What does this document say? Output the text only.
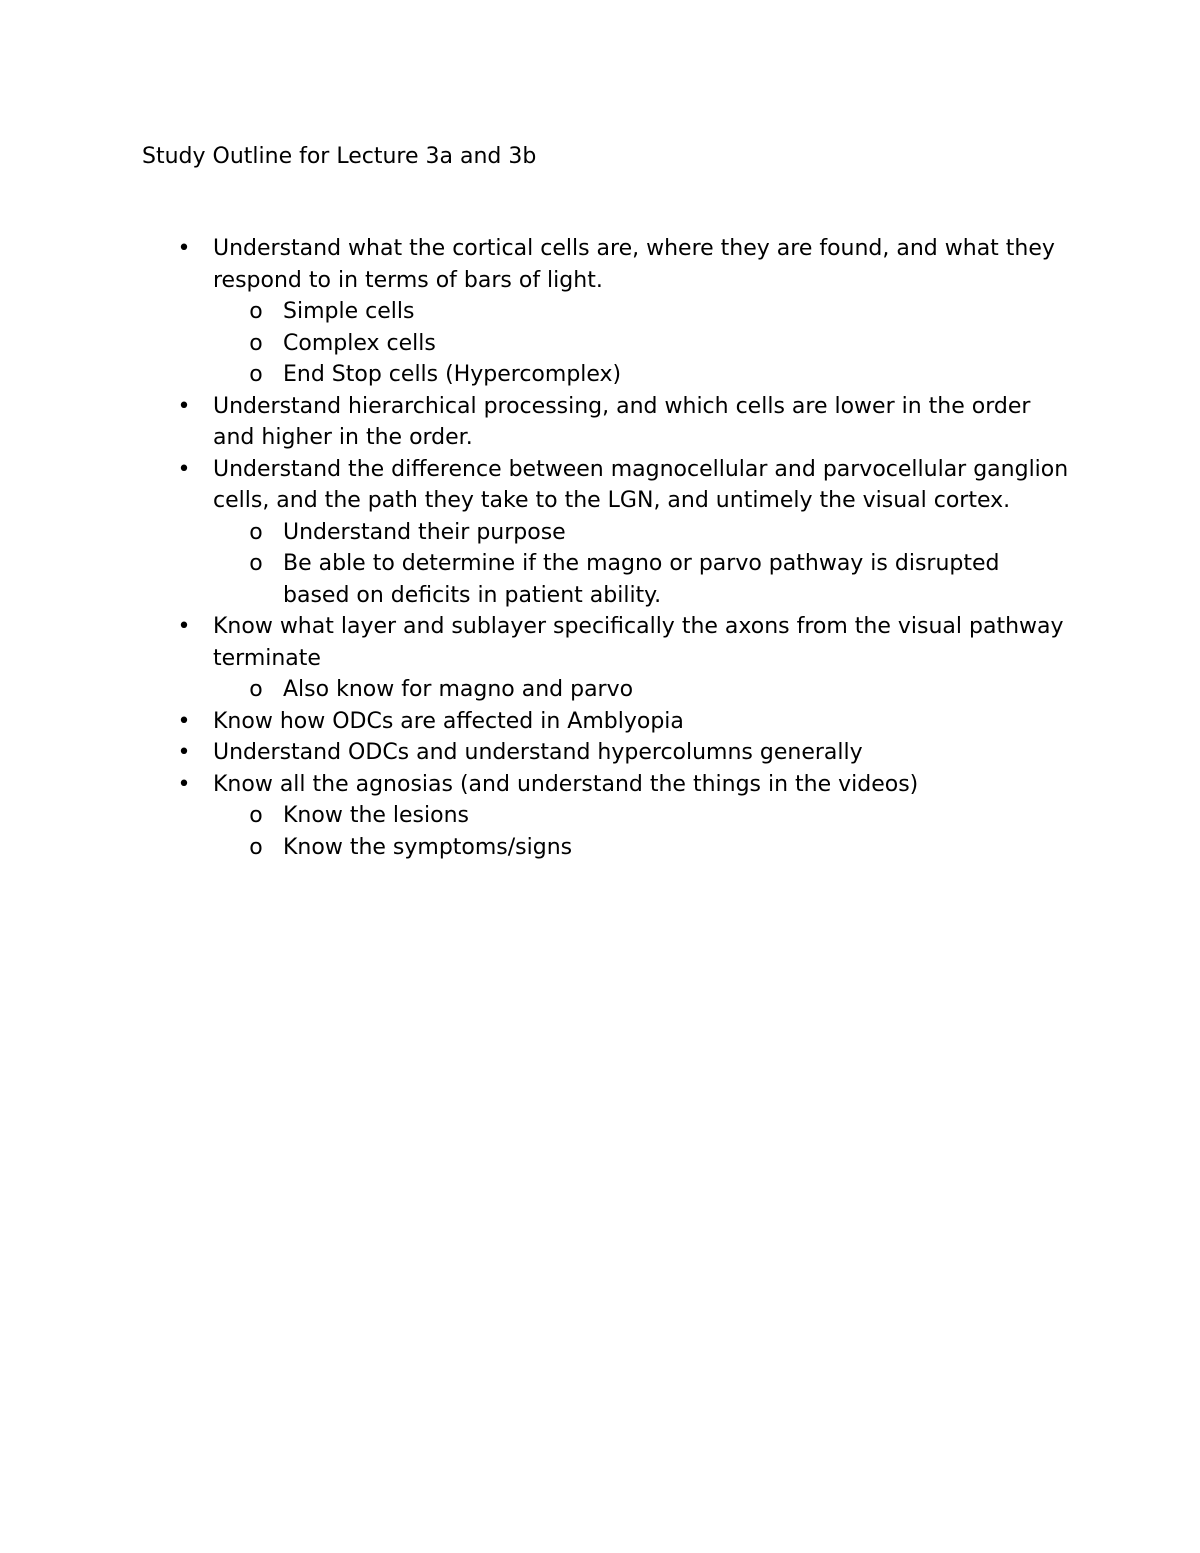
Study Outline for Lecture 3a and 3b
• Understand what the cortical cells are, where they are found, and what they respond to in terms of bars of light.
o Simple cells
o Complex cells
o End Stop cells (Hypercomplex)
• Understand hierarchical processing, and which cells are lower in the order and higher in the order.
• Understand the difference between magnocellular and parvocellular ganglion cells, and the path they take to the LGN, and untimely the visual cortex.
o Understand their purpose
o Be able to determine if the magno or parvo pathway is disrupted based on deficits in patient ability.
• Know what layer and sublayer specifically the axons from the visual pathway terminate
o Also know for magno and parvo
• Know how ODCs are affected in Amblyopia
• Understand ODCs and understand hypercolumns generally
• Know all the agnosias (and understand the things in the videos)
o Know the lesions
o Know the symptoms/signs
